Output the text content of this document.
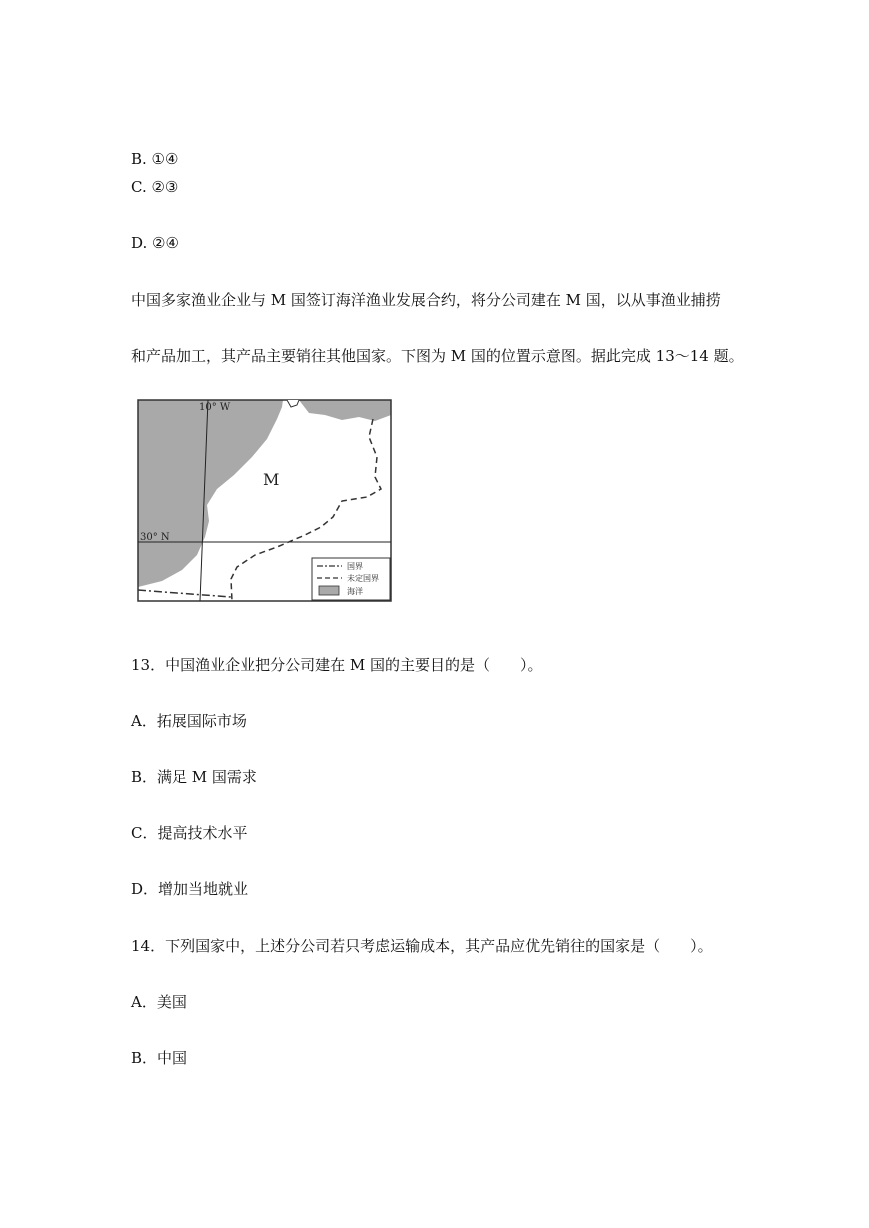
B. ①④
C. ②③
D. ②④
中国多家渔业企业与 M 国签订海洋渔业发展合约，将分公司建在 M 国，以从事渔业捕捞
和产品加工，其产品主要销往其他国家。下图为 M 国的位置示意图。据此完成 13～14 题。
10° W
30° N
M
国界
未定国界
海洋
13．中国渔业企业把分公司建在 M 国的主要目的是（　　）。
A．拓展国际市场
B．满足 M 国需求
C．提高技术水平
D．增加当地就业
14．下列国家中，上述分公司若只考虑运输成本，其产品应优先销往的国家是（　　）。
A．美国
B．中国
